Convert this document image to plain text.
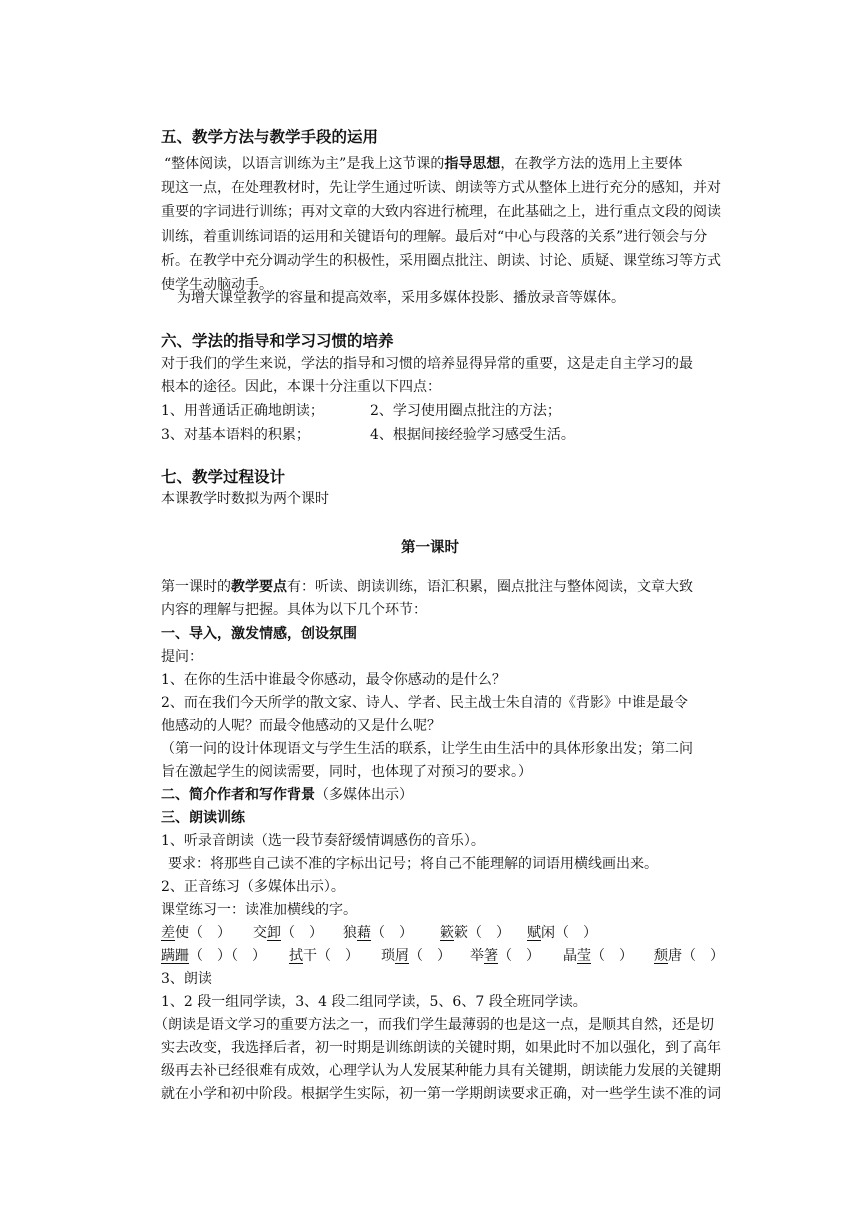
五、教学方法与教学手段的运用
“整体阅读，以语言训练为主”是我上这节课的指导思想，在教学方法的选用上主要体
现这一点，在处理教材时，先让学生通过听读、朗读等方式从整体上进行充分的感知，并对
重要的字词进行训练；再对文章的大致内容进行梳理，在此基础之上，进行重点文段的阅读
训练，着重训练词语的运用和关键语句的理解。最后对“中心与段落的关系”进行领会与分
析。在教学中充分调动学生的积极性，采用圈点批注、朗读、讨论、质疑、课堂练习等方式
使学生动脑动手。
为增大课堂教学的容量和提高效率，采用多媒体投影、播放录音等媒体。
六、学法的指导和学习习惯的培养
对于我们的学生来说，学法的指导和习惯的培养显得异常的重要，这是走自主学习的最
根本的途径。因此，本课十分注重以下四点：
1、用普通话正确地朗读；	2、学习使用圈点批注的方法；
3、对基本语料的积累；	4、根据间接经验学习感受生活。
七、教学过程设计
本课教学时数拟为两个课时
第一课时
第一课时的教学要点有：听读、朗读训练，语汇积累，圈点批注与整体阅读，文章大致
内容的理解与把握。具体为以下几个环节：
一、导入，激发情感，创设氛围
提问：
1、在你的生活中谁最令你感动，最令你感动的是什么？
2、而在我们今天所学的散文家、诗人、学者、民主战士朱自清的《背影》中谁是最令
他感动的人呢？而最令他感动的又是什么呢？
（第一问的设计体现语文与学生生活的联系，让学生由生活中的具体形象出发；第二问
旨在激起学生的阅读需要，同时，也体现了对预习的要求。）
二、简介作者和写作背景（多媒体出示）
三、朗读训练
1、听录音朗读（选一段节奏舒缓情调感伤的音乐）。
要求：将那些自己读不准的字标出记号；将自己不能理解的词语用横线画出来。
2、正音练习（多媒体出示）。
课堂练习一：读准加横线的字。
差使（　） 交卸（　） 狼藉（　） 簌簌（　） 赋闲（　）
蹒跚（　）（　） 拭干（　） 琐屑（　） 举箸（　） 晶莹（　） 颓唐（　）
3、朗读
1、2 段一组同学读，3、4 段二组同学读，5、6、7 段全班同学读。
（朗读是语文学习的重要方法之一，而我们学生最薄弱的也是这一点，是顺其自然，还是切
实去改变，我选择后者，初一时期是训练朗读的关键时期，如果此时不加以强化，到了高年
级再去补已经很难有成效，心理学认为人发展某种能力具有关键期，朗读能力发展的关键期
就在小学和初中阶段。根据学生实际，初一第一学期朗读要求正确，对一些学生读不准的词
